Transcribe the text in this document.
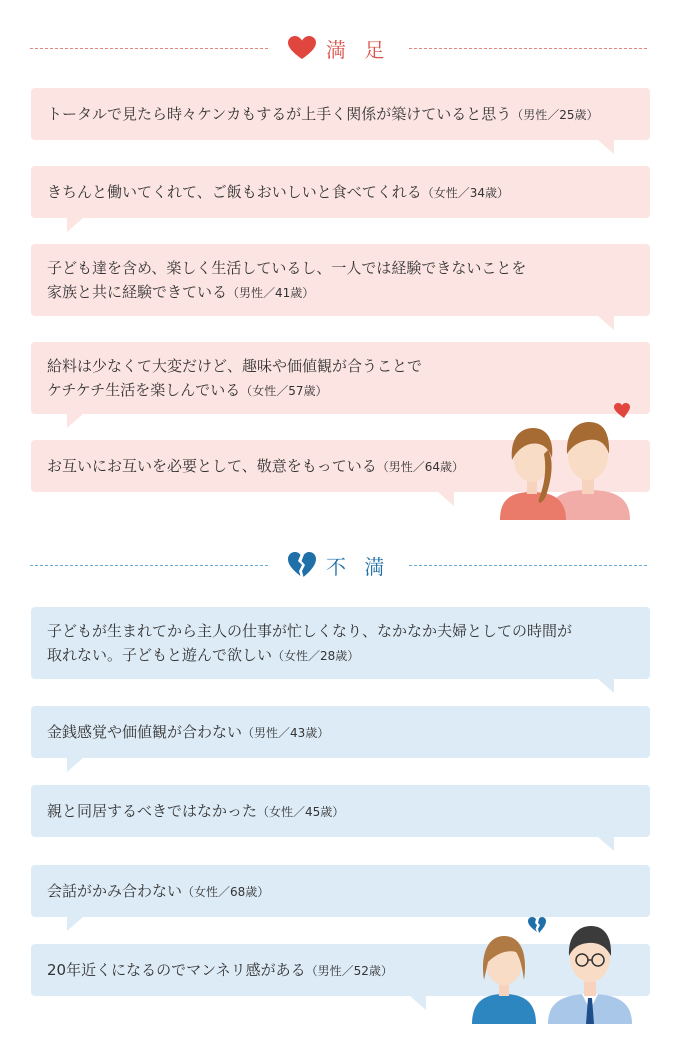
満 足
トータルで見たら時々ケンカもするが上手く関係が築けていると思う（男性／25歳）
きちんと働いてくれて、ご飯もおいしいと食べてくれる（女性／34歳）
子ども達を含め、楽しく生活しているし、一人では経験できないことを
家族と共に経験できている（男性／41歳）
給料は少なくて大変だけど、趣味や価値観が合うことで
ケチケチ生活を楽しんでいる（女性／57歳）
お互いにお互いを必要として、敬意をもっている（男性／64歳）
不 満
子どもが生まれてから主人の仕事が忙しくなり、なかなか夫婦としての時間が
取れない。子どもと遊んで欲しい（女性／28歳）
金銭感覚や価値観が合わない（男性／43歳）
親と同居するべきではなかった（女性／45歳）
会話がかみ合わない（女性／68歳）
20年近くになるのでマンネリ感がある（男性／52歳）
